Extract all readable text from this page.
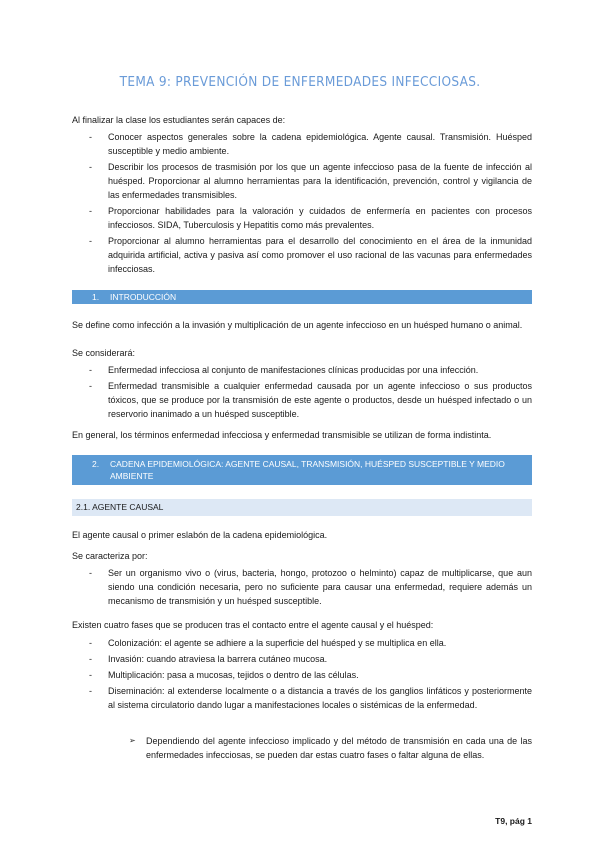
TEMA 9: PREVENCIÓN DE ENFERMEDADES INFECCIOSAS.
Al finalizar la clase los estudiantes serán capaces de:
- Conocer aspectos generales sobre la cadena epidemiológica. Agente causal. Transmisión. Huésped susceptible y medio ambiente.
- Describir los procesos de trasmisión por los que un agente infeccioso pasa de la fuente de infección al huésped. Proporcionar al alumno herramientas para la identificación, prevención, control y vigilancia de las enfermedades transmisibles.
- Proporcionar habilidades para la valoración y cuidados de enfermería en pacientes con procesos infecciosos. SIDA, Tuberculosis y Hepatitis como más prevalentes.
- Proporcionar al alumno herramientas para el desarrollo del conocimiento en el área de la inmunidad adquirida artificial, activa y pasiva así como promover el uso racional de las vacunas para enfermedades infecciosas.
1. INTRODUCCIÓN
Se define como infección a la invasión y multiplicación de un agente infeccioso en un huésped humano o animal.
Se considerará:
- Enfermedad infecciosa al conjunto de manifestaciones clínicas producidas por una infección.
- Enfermedad transmisible a cualquier enfermedad causada por un agente infeccioso o sus productos tóxicos, que se produce por la transmisión de este agente o productos, desde un huésped infectado o un reservorio inanimado a un huésped susceptible.
En general, los términos enfermedad infecciosa y enfermedad transmisible se utilizan de forma indistinta.
2. CADENA EPIDEMIOLÓGICA: AGENTE CAUSAL, TRANSMISIÓN, HUÉSPED SUSCEPTIBLE Y MEDIO AMBIENTE
2.1. AGENTE CAUSAL
El agente causal o primer eslabón de la cadena epidemiológica.
Se caracteriza por:
- Ser un organismo vivo o (virus, bacteria, hongo, protozoo o helminto) capaz de multiplicarse, que aun siendo una condición necesaria, pero no suficiente para causar una enfermedad, requiere además un mecanismo de transmisión y un huésped susceptible.
Existen cuatro fases que se producen tras el contacto entre el agente causal y el huésped:
- Colonización: el agente se adhiere a la superficie del huésped y se multiplica en ella.
- Invasión: cuando atraviesa la barrera cutáneo mucosa.
- Multiplicación: pasa a mucosas, tejidos o dentro de las células.
- Diseminación: al extenderse localmente o a distancia a través de los ganglios linfáticos y posteriormente al sistema circulatorio dando lugar a manifestaciones locales o sistémicas de la enfermedad.
➢ Dependiendo del agente infeccioso implicado y del método de transmisión en cada una de las enfermedades infecciosas, se pueden dar estas cuatro fases o faltar alguna de ellas.
T9, pág 1
